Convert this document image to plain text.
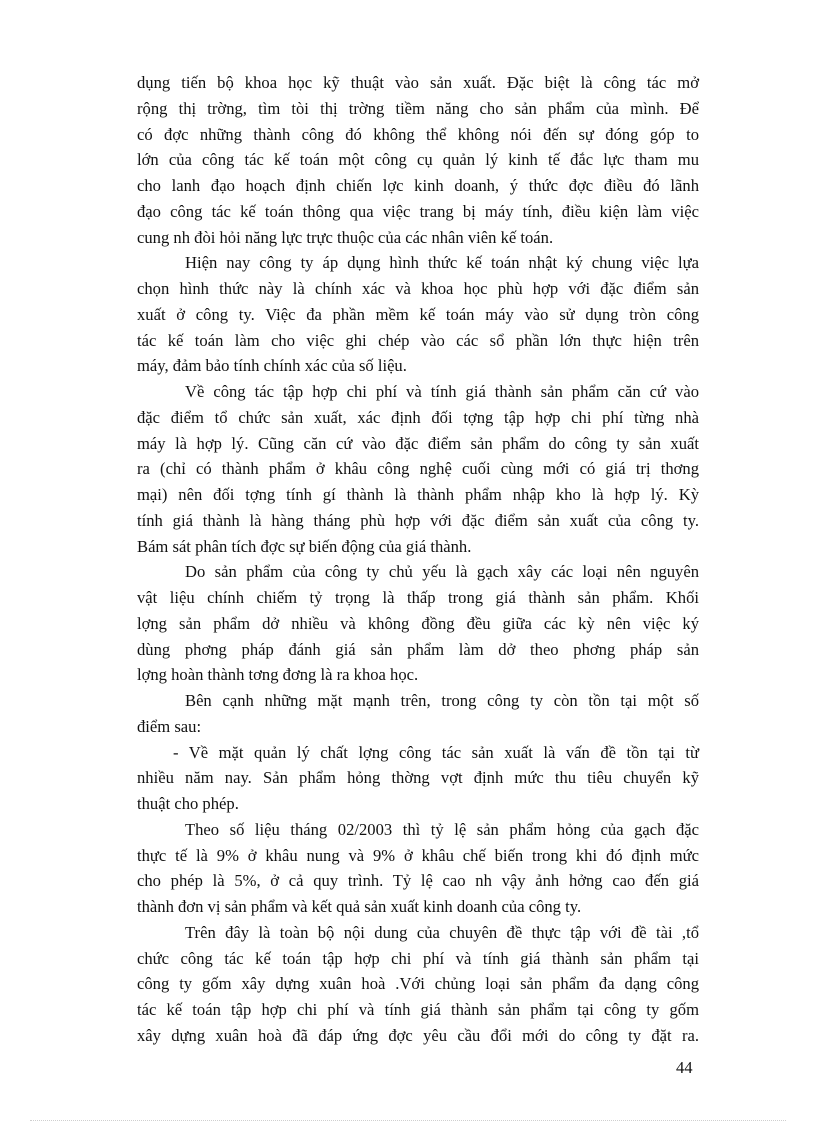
dụng tiến bộ khoa học kỹ thuật vào sản xuất. Đặc biệt là công tác mở
rộng thị trờng, tìm tòi thị trờng tiềm năng cho sản phẩm của mình. Để
có đợc những thành công đó không thể không nói đến sự đóng góp to
lớn của công tác kế toán một công cụ quản lý kinh tế đắc lực tham mu
cho lanh đạo hoạch định chiến lợc kinh doanh, ý thức đợc điều đó lãnh
đạo công tác kế toán thông qua việc trang bị máy tính, điều kiện làm việc
cung nh đòi hỏi năng lực trực thuộc của các nhân viên kế toán.
Hiện nay công ty áp dụng hình thức kế toán nhật ký chung việc lựa
chọn hình thức này là chính xác và khoa học phù hợp với đặc điểm sản
xuất ở công ty. Việc đa phần mềm kế toán máy vào sử dụng tròn công
tác kế toán làm cho việc ghi chép vào các sổ phần lớn thực hiện trên
máy, đảm bảo tính chính xác của số liệu.
Về công tác tập hợp chi phí và tính giá thành sản phẩm căn cứ vào
đặc điểm tổ chức sản xuất, xác định đối tợng tập hợp chi phí từng nhà
máy là hợp lý. Cũng căn cứ vào đặc điểm sản phẩm do công ty sản xuất
ra (chỉ có thành phẩm ở khâu công nghệ cuối cùng mới có giá trị thơng
mại) nên đối tợng tính gí thành là thành phẩm nhập kho là hợp lý. Kỳ
tính giá thành là hàng tháng phù hợp với đặc điểm sản xuất của công ty.
Bám sát phân tích đợc sự biến động của giá thành.
Do sản phẩm của công ty chủ yếu là gạch xây các loại nên nguyên
vật liệu chính chiếm tỷ trọng là thấp trong giá thành sản phẩm. Khối
lợng sản phẩm dở nhiều và không đồng đều giữa các kỳ nên việc ký
dùng phơng pháp đánh giá sản phẩm làm dở theo phơng pháp sản
lợng hoàn thành tơng đơng là ra khoa học.
Bên cạnh những mặt mạnh trên, trong công ty còn tồn tại một số
điểm sau:
- Về mặt quản lý chất lợng công tác sản xuất là vấn đề tồn tại từ
nhiều năm nay. Sản phẩm hỏng thờng vợt định mức thu tiêu chuyển kỹ
thuật cho phép.
Theo số liệu tháng 02/2003 thì tỷ lệ sản phẩm hỏng của gạch đặc
thực tế là 9% ở khâu nung và 9% ở khâu chế biến trong khi đó định mức
cho phép là 5%, ở cả quy trình. Tỷ lệ cao nh vậy ảnh hởng cao đến giá
thành đơn vị sản phẩm và kết quả sản xuất kinh doanh của công ty.
Trên đây là toàn bộ nội dung của chuyên đề thực tập với đề tài ,tổ
chức công tác kế toán tập hợp chi phí và tính giá thành sản phẩm tại
công ty gốm xây dựng xuân hoà .Với chủng loại sản phẩm đa dạng công
tác kế toán tập hợp chi phí và tính giá thành sản phẩm tại công ty gốm
xây dựng xuân hoà đã đáp ứng đợc yêu cầu đổi mới do công ty đặt ra.
44
